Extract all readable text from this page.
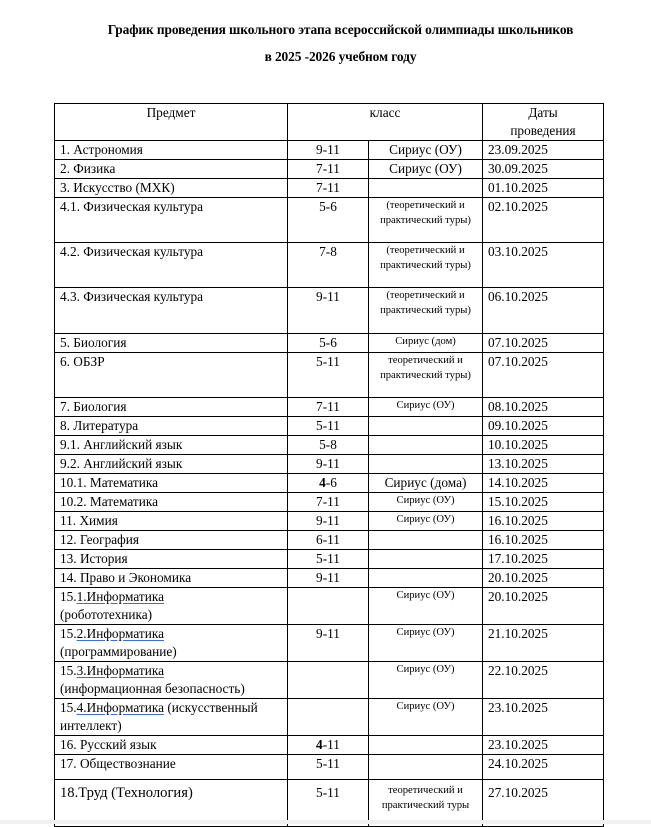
График проведения школьного этапа всероссийской олимпиады школьников
в 2025 -2026 учебном году
Предмет	класс		Даты
проведения

1. Астрономия	9-11	Сириус (ОУ)	23.09.2025
2. Физика	7-11	Сириус (ОУ)	30.09.2025
3. Искусство (МХК)	7-11		01.10.2025
4.1. Физическая культура	5-6	(теоретический и практический туры)	02.10.2025
4.2. Физическая культура	7-8	(теоретический и практический туры)	03.10.2025
4.3. Физическая культура	9-11	(теоретический и практический туры)	06.10.2025
5. Биология	5-6	Сириус (дом)	07.10.2025
6. ОБЗР	5-11	теоретический и практический туры)	07.10.2025
7. Биология	7-11	Сириус (ОУ)	08.10.2025
8. Литература	5-11		09.10.2025
9.1. Английский язык	5-8		10.10.2025
9.2. Английский язык	9-11		13.10.2025
10.1. Математика	4-6	Сириус (дома)	14.10.2025
10.2. Математика	7-11	Сириус (ОУ)	15.10.2025
11. Химия	9-11	Сириус (ОУ)	16.10.2025
12. География	6-11		16.10.2025
13. История	5-11		17.10.2025
14. Право и Экономика	9-11		20.10.2025
15.1.Информатика
(робототехника)		Сириус (ОУ)	20.10.2025
15.2.Информатика
(программирование)	9-11	Сириус (ОУ)	21.10.2025
15.3.Информатика
(информационная безопасность)		Сириус (ОУ)	22.10.2025
15.4.Информатика (искусственный интеллект)		Сириус (ОУ)	23.10.2025
16. Русский язык	4-11		23.10.2025
17. Обществознание	5-11		24.10.2025
18.Труд (Технология)	5-11	теоретический и практический туры	27.10.2025
